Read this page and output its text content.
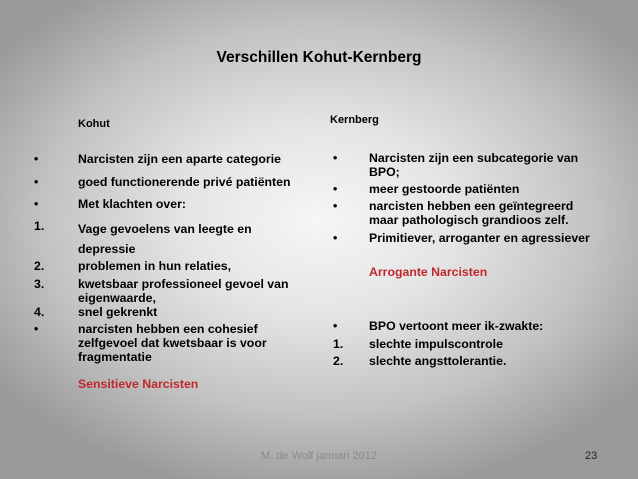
Verschillen Kohut-Kernberg
Kohut
•	Narcisten zijn een aparte categorie
•	goed functionerende privé patiënten
•	Met klachten over:
1.	Vage gevoelens van leegte en depressie
2.	problemen in hun relaties,
3.	kwetsbaar professioneel gevoel van eigenwaarde,
4.	snel gekrenkt
•	narcisten hebben een cohesief zelfgevoel dat kwetsbaar is voor fragmentatie
Sensitieve Narcisten
Kernberg
•	Narcisten zijn een subcategorie van BPO;
•	meer gestoorde patiënten
•	narcisten hebben een geïntegreerd maar pathologisch grandioos zelf.
•	Primitiever, arroganter en agressiever
Arrogante Narcisten
•	BPO vertoont meer ik-zwakte:
1. slechte impulscontrole
2. slechte angsttolerantie.
M. de Wolf januari 2012	23
